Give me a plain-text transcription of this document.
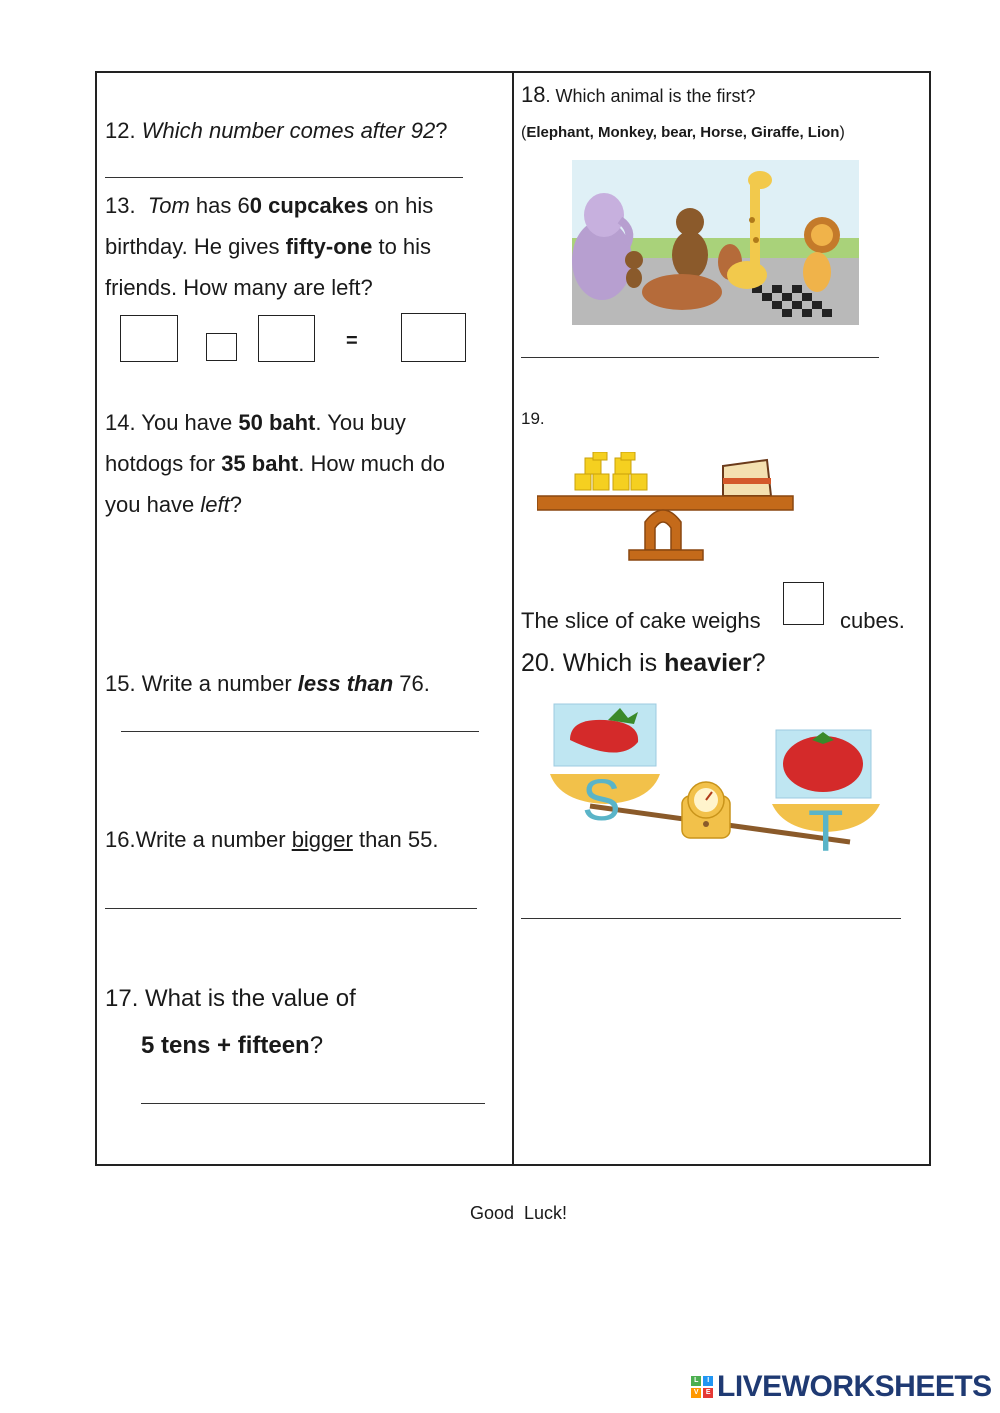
12. Which number comes after 92?
13. Tom has 60 cupcakes on his
birthday. He gives fifty-one to his
friends. How many are left?
=
14. You have 50 baht. You buy
hotdogs for 35 baht. How much do
you have left?
15. Write a number less than 76.
16.Write a number bigger than 55.
17. What is the value of
5 tens + fifteen?
18. Which animal is the first?
(Elephant, Monkey, bear, Horse, Giraffe, Lion)
19.
The slice of cake weighs	cubes.
20. Which is heavier?
S	T
Good  Luck!
L	I
V	E LIVEWORKSHEETS
